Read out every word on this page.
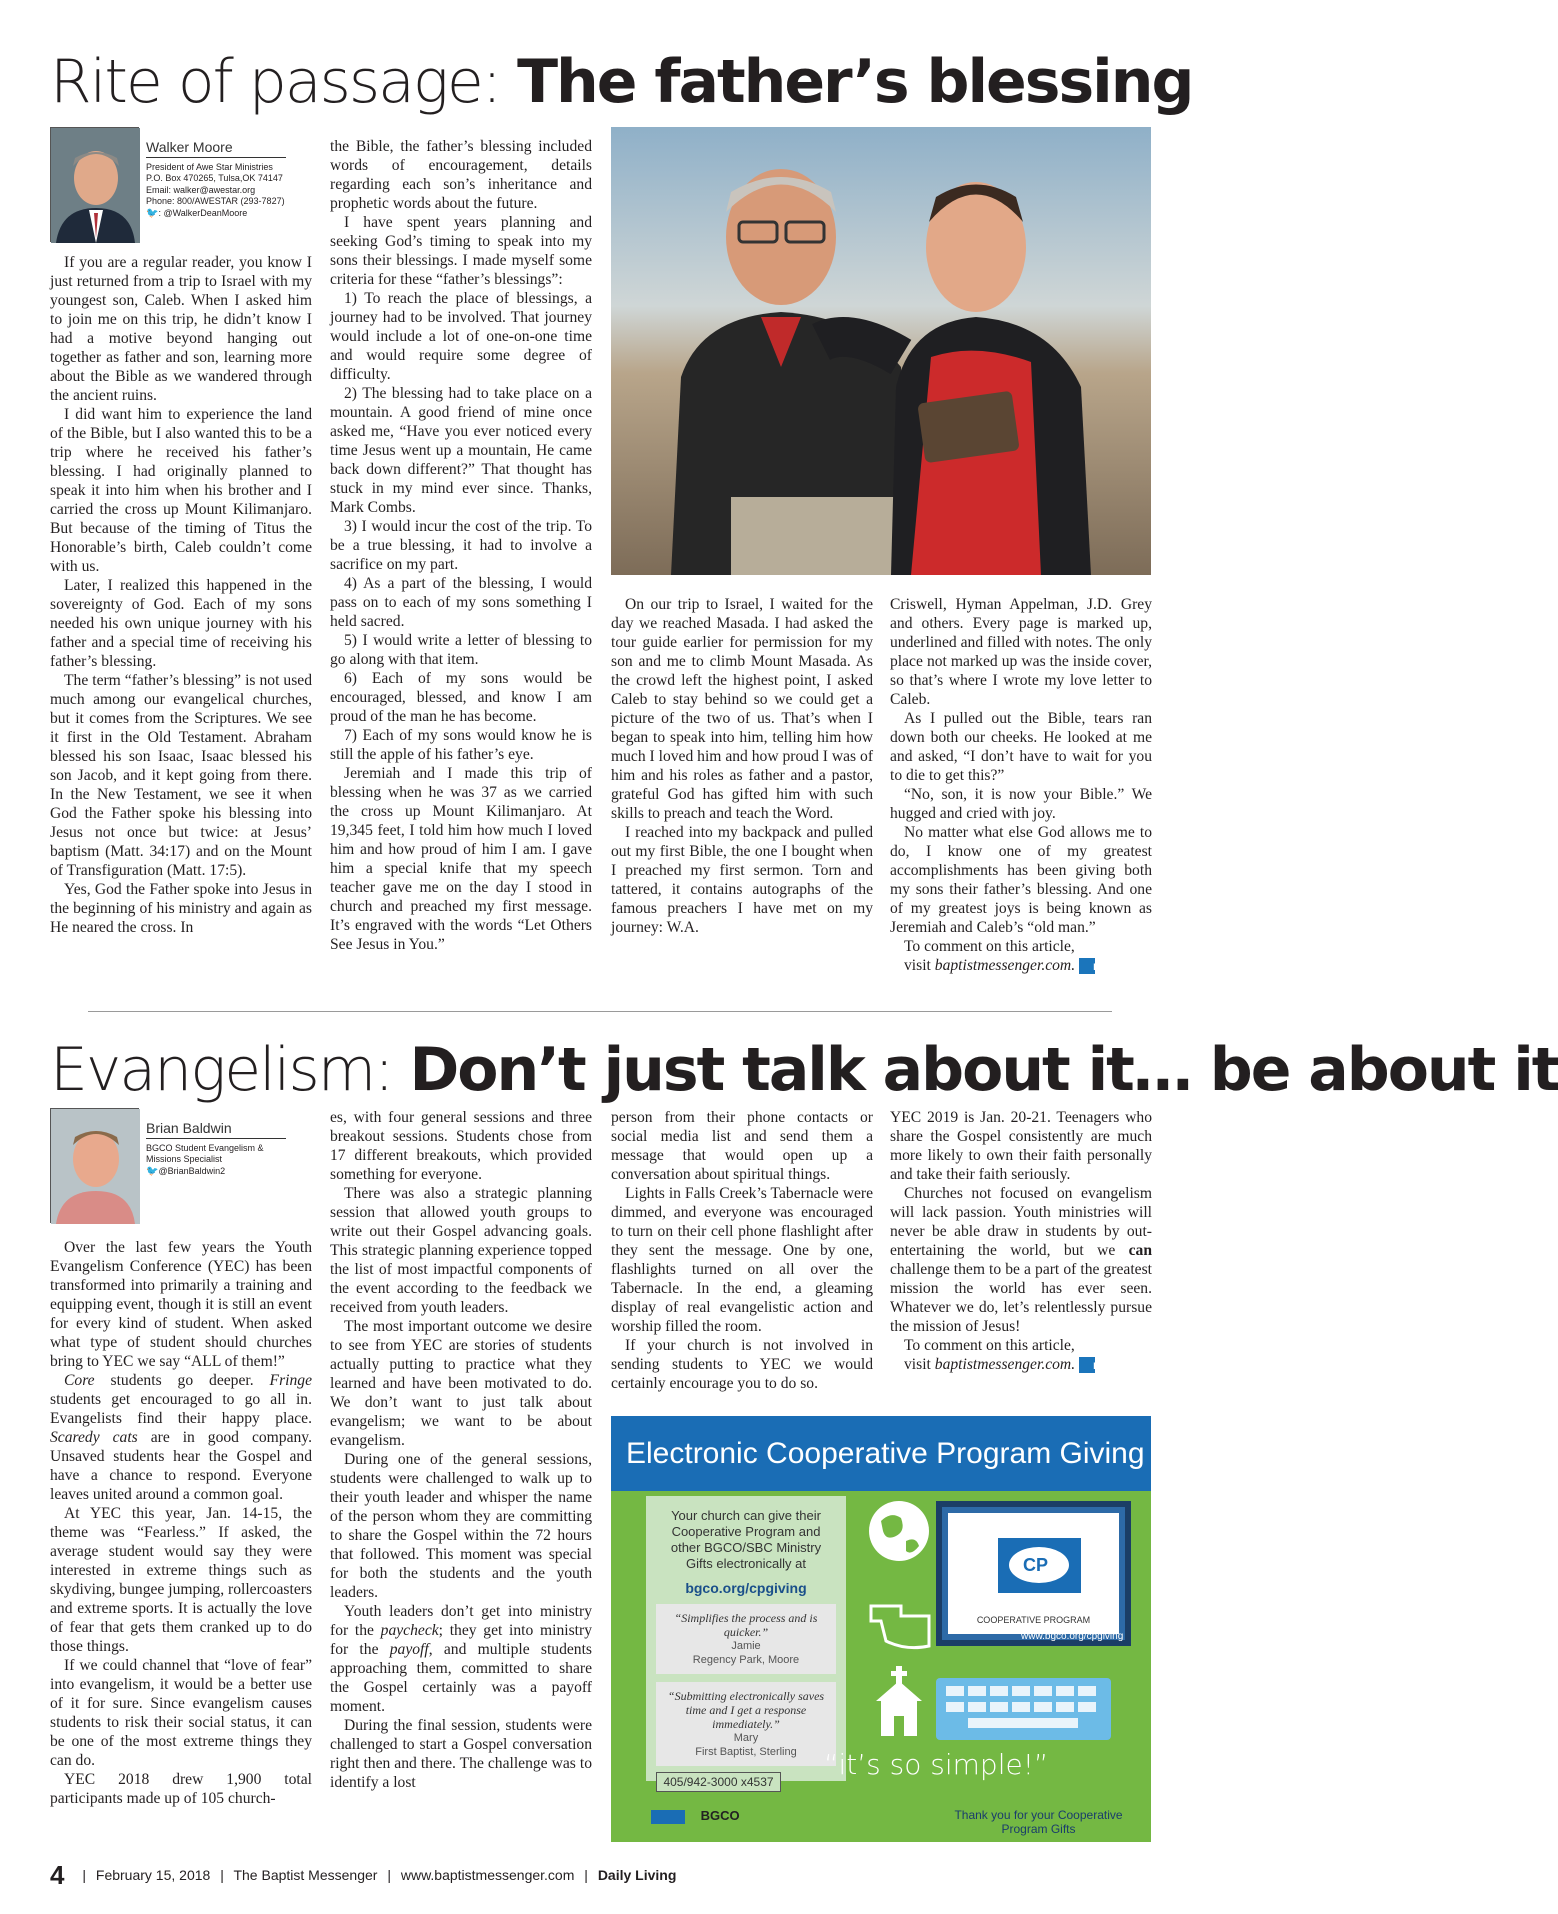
Rite of passage: The father’s blessing
Walker Moore
President of Awe Star Ministries
P.O. Box 470265, Tulsa,OK 74147
Email: walker@awestar.org
Phone: 800/AWESTAR (293-7827)
🐦: @WalkerDeanMoore

If you are a regular reader, you know I just returned from a trip to Israel with my youngest son, Caleb. When I asked him to join me on this trip, he didn’t know I had a motive beyond hanging out together as father and son, learning more about the Bible as we wandered through the ancient ruins.

I did want him to experience the land of the Bible, but I also wanted this to be a trip where he received his father’s blessing. I had originally planned to speak it into him when his brother and I carried the cross up Mount Kilimanjaro. But because of the timing of Titus the Honorable’s birth, Caleb couldn’t come with us.

Later, I realized this happened in the sovereignty of God. Each of my sons needed his own unique journey with his father and a special time of receiving his father’s blessing.

The term “father’s blessing” is not used much among our evangelical churches, but it comes from the Scriptures. We see it first in the Old Testament. Abraham blessed his son Isaac, Isaac blessed his son Jacob, and it kept going from there. In the New Testament, we see it when God the Father spoke his blessing into Jesus not once but twice: at Jesus’ baptism (Matt. 34:17) and on the Mount of Transfiguration (Matt. 17:5).

Yes, God the Father spoke into Jesus in the beginning of his ministry and again as He neared the cross. In

the Bible, the father’s blessing included words of encouragement, details regarding each son’s inheritance and prophetic words about the future.

I have spent years planning and seeking God’s timing to speak into my sons their blessings. I made myself some criteria for these “father’s blessings”:

1) To reach the place of blessings, a journey had to be involved. That journey would include a lot of one-on-one time and would require some degree of difficulty.

2) The blessing had to take place on a mountain. A good friend of mine once asked me, “Have you ever noticed every time Jesus went up a mountain, He came back down different?” That thought has stuck in my mind ever since. Thanks, Mark Combs.

3) I would incur the cost of the trip. To be a true blessing, it had to involve a sacrifice on my part.

4) As a part of the blessing, I would pass on to each of my sons something I held sacred.

5) I would write a letter of blessing to go along with that item.

6) Each of my sons would be encouraged, blessed, and know I am proud of the man he has become.

7) Each of my sons would know he is still the apple of his father’s eye.

Jeremiah and I made this trip of blessing when he was 37 as we carried the cross up Mount Kilimanjaro. At 19,345 feet, I told him how much I loved him and how proud of him I am. I gave him a special knife that my speech teacher gave me on the day I stood in church and preached my first message. It’s engraved with the words “Let Others See Jesus in You.”

On our trip to Israel, I waited for the day we reached Masada. I had asked the tour guide earlier for permission for my son and me to climb Mount Masada. As the crowd left the highest point, I asked Caleb to stay behind so we could get a picture of the two of us. That’s when I began to speak into him, telling him how much I loved him and how proud I was of him and his roles as father and a pastor, grateful God has gifted him with such skills to preach and teach the Word.

I reached into my backpack and pulled out my first Bible, the one I bought when I preached my first sermon. Torn and tattered, it contains autographs of the famous preachers I have met on my journey: W.A.

Criswell, Hyman Appelman, J.D. Grey and others. Every page is marked up, underlined and filled with notes. The only place not marked up was the inside cover, so that’s where I wrote my love letter to Caleb.

As I pulled out the Bible, tears ran down both our cheeks. He looked at me and asked, “I don’t have to wait for you to die to get this?”

“No, son, it is now your Bible.” We hugged and cried with joy.

No matter what else God allows me to do, I know one of my greatest accomplishments has been giving both my sons their father’s blessing. And one of my greatest joys is being known as Jeremiah and Caleb’s “old man.”

To comment on this article,

visit baptistmessenger.com. m

Evangelism: Don’t just talk about it… be about it
Brian Baldwin
BGCO Student Evangelism & Missions Specialist
🐦@BrianBaldwin2

Over the last few years the Youth Evangelism Conference (YEC) has been transformed into primarily a training and equipping event, though it is still an event for every kind of student. When asked what type of student should churches bring to YEC we say “ALL of them!”

Core students go deeper. Fringe students get encouraged to go all in. Evangelists find their happy place. Scaredy cats are in good company. Unsaved students hear the Gospel and have a chance to respond. Everyone leaves united around a common goal.

At YEC this year, Jan. 14-15, the theme was “Fearless.” If asked, the average student would say they were interested in extreme things such as skydiving, bungee jumping, rollercoasters and extreme sports. It is actually the love of fear that gets them cranked up to do those things.

If we could channel that “love of fear” into evangelism, it would be a better use of it for sure. Since evangelism causes students to risk their social status, it can be one of the most extreme things they can do.

YEC 2018 drew 1,900 total participants made up of 105 church-

es, with four general sessions and three breakout sessions. Students chose from 17 different breakouts, which provided something for everyone.

There was also a strategic planning session that allowed youth groups to write out their Gospel advancing goals. This strategic planning experience topped the list of most impactful components of the event according to the feedback we received from youth leaders.

The most important outcome we desire to see from YEC are stories of students actually putting to practice what they learned and have been motivated to do. We don’t want to just talk about evangelism; we want to be about evangelism.

During one of the general sessions, students were challenged to walk up to their youth leader and whisper the name of the person whom they are committing to share the Gospel within the 72 hours that followed. This moment was special for both the students and the youth leaders.

Youth leaders don’t get into ministry for the paycheck; they get into ministry for the payoff, and multiple students approaching them, committed to share the Gospel certainly was a payoff moment.

During the final session, students were challenged to start a Gospel conversation right then and there. The challenge was to identify a lost

person from their phone contacts or social media list and send them a message that would open up a conversation about spiritual things.

Lights in Falls Creek’s Tabernacle were dimmed, and everyone was encouraged to turn on their cell phone flashlight after they sent the message. One by one, flashlights turned on all over the Tabernacle. In the end, a gleaming display of real evangelistic action and worship filled the room.

If your church is not involved in sending students to YEC we would certainly encourage you to do so.

YEC 2019 is Jan. 20-21. Teenagers who share the Gospel consistently are much more likely to own their faith personally and take their faith seriously.

Churches not focused on evangelism will lack passion. Youth ministries will never be able draw in students by out-entertaining the world, but we can challenge them to be a part of the greatest mission the world has ever seen. Whatever we do, let’s relentlessly pursue the mission of Jesus!

To comment on this article,

visit baptistmessenger.com. m

Electronic Cooperative Program Giving
Your church can give their Cooperative Program and other BGCO/SBC Ministry Gifts electronically at
bgco.org/cpgiving
“Simplifies the process and is quicker.”
Jamie
Regency Park, Moore
“Submitting electronically saves time and I get a response immediately.”
Mary
First Baptist, Sterling
405/942-3000 x4537
CP
COOPERATIVE PROGRAM
www.bgco.org/cpgiving
“it’s so simple!”
BGCO	Thank you for your Cooperative Program Gifts
4 | February 15, 2018 | The Baptist Messenger | www.baptistmessenger.com | Daily Living
